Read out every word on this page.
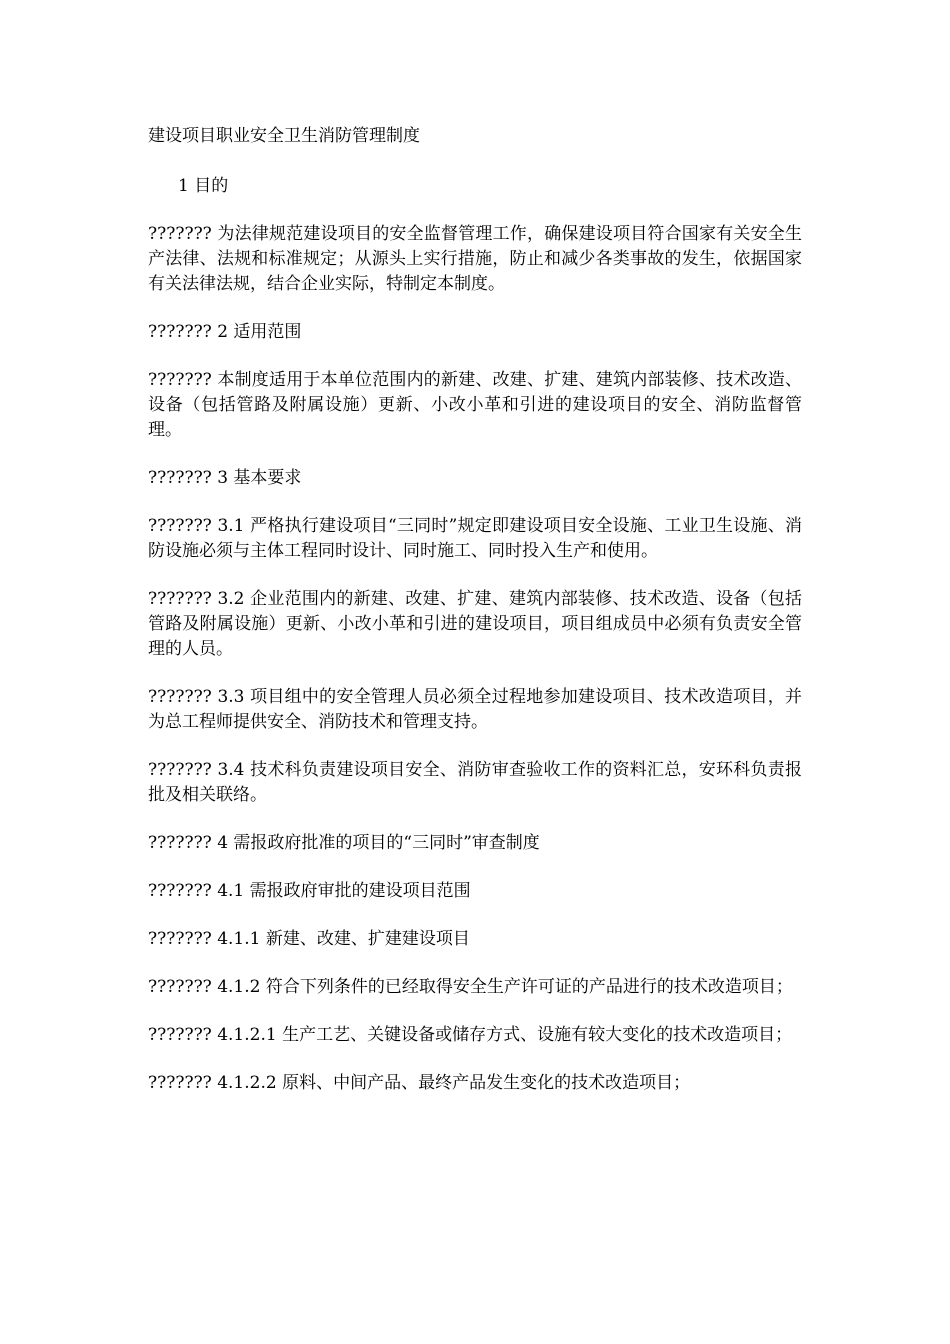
建设项目职业安全卫生消防管理制度

1 目的

??????? 为法律规范建设项目的安全监督管理工作，确保建设项目符合国家有关安全生产法律、法规和标准规定；从源头上实行措施，防止和减少各类事故的发生，依据国家有关法律法规，结合企业实际，特制定本制度。

??????? 2 适用范围

??????? 本制度适用于本单位范围内的新建、改建、扩建、建筑内部装修、技术改造、设备（包括管路及附属设施）更新、小改小革和引进的建设项目的安全、消防监督管理。

??????? 3 基本要求

??????? 3.1 严格执行建设项目“三同时”规定即建设项目安全设施、工业卫生设施、消防设施必须与主体工程同时设计、同时施工、同时投入生产和使用。

??????? 3.2 企业范围内的新建、改建、扩建、建筑内部装修、技术改造、设备（包括管路及附属设施）更新、小改小革和引进的建设项目，项目组成员中必须有负责安全管理的人员。

??????? 3.3 项目组中的安全管理人员必须全过程地参加建设项目、技术改造项目，并为总工程师提供安全、消防技术和管理支持。

??????? 3.4 技术科负责建设项目安全、消防审查验收工作的资料汇总，安环科负责报批及相关联络。

??????? 4 需报政府批准的项目的“三同时”审查制度

??????? 4.1 需报政府审批的建设项目范围

??????? 4.1.1 新建、改建、扩建建设项目

??????? 4.1.2 符合下列条件的已经取得安全生产许可证的产品进行的技术改造项目；

??????? 4.1.2.1 生产工艺、关键设备或储存方式、设施有较大变化的技术改造项目；

??????? 4.1.2.2 原料、中间产品、最终产品发生变化的技术改造项目；
